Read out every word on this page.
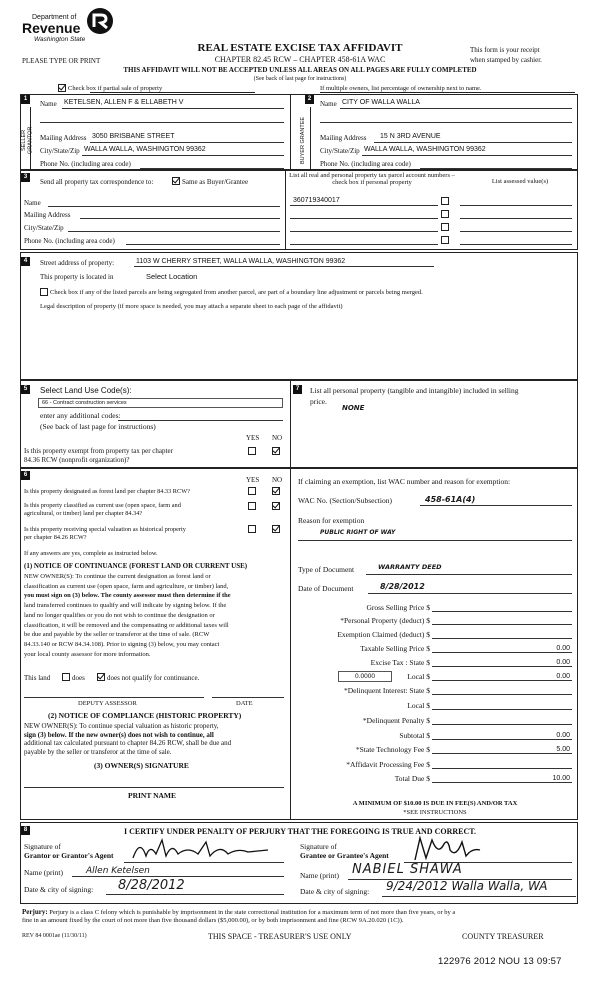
Department of
Revenue
Washington State
PLEASE TYPE OR PRINT
REAL ESTATE EXCISE TAX AFFIDAVIT
CHAPTER 82.45 RCW – CHAPTER 458-61A WAC
THIS AFFIDAVIT WILL NOT BE ACCEPTED UNLESS ALL AREAS ON ALL PAGES ARE FULLY COMPLETED
(See back of last page for instructions)
This form is your receipt
when stamped by cashier.
Check box if partial sale of property	If multiple owners, list percentage of ownership next to name.
1	2
SELLER GRANTOR	BUYER GRANTEE
Name KETELSEN, ALLEN F & ELLABETH V
Mailing Address 3050 BRISBANE STREET
City/State/Zip WALLA WALLA, WASHINGTON 99362
Phone No. (including area code)
Name CITY OF WALLA WALLA
Mailing Address 15 N 3RD AVENUE
City/State/Zip WALLA WALLA, WASHINGTON 99362
Phone No. (including area code)
3
Send all property tax correspondence to:	Same as Buyer/Grantee
Name
Mailing Address
City/State/Zip
Phone No. (including area code)
List all real and personal property tax parcel account numbers – check box if personal property	List assessed value(s)
360719340017
4	Street address of property:	1103 W CHERRY STREET, WALLA WALLA, WASHINGTON 99362
This property is located in	Select Location
Check box if any of the listed parcels are being segregated from another parcel, are part of a boundary line adjustment or parcels being merged.
Legal description of property (if more space is needed, you may attach a separate sheet to each page of the affidavit)
5	Select Land Use Code(s):
66 - Contract construction services
enter any additional codes:
(See back of last page for instructions)
YES NO
Is this property exempt from property tax per chapter
84.36 RCW (nonprofit organization)?
7	List all personal property (tangible and intangible) included in selling
price.
NONE
6
YES NO
Is this property designated as forest land per chapter 84.33 RCW?
Is this property classified as current use (open space, farm and
agricultural, or timber) land per chapter 84.34?
Is this property receiving special valuation as historical property
per chapter 84.26 RCW?
If any answers are yes, complete as instructed below.
(1) NOTICE OF CONTINUANCE (FOREST LAND OR CURRENT USE)
NEW OWNER(S): To continue the current designation as forest land or
classification as current use (open space, farm and agriculture, or timber) land,
you must sign on (3) below. The county assessor must then determine if the
land transferred continues to qualify and will indicate by signing below. If the
land no longer qualifies or you do not wish to continue the designation or
classification, it will be removed and the compensating or additional taxes will
be due and payable by the seller or transferor at the time of sale. (RCW
84.33.140 or RCW 84.34.108). Prior to signing (3) below, you may contact
your local county assessor for more information.
This land	does	does not qualify for continuance.
DEPUTY ASSESSOR	DATE
(2) NOTICE OF COMPLIANCE (HISTORIC PROPERTY)
NEW OWNER(S): To continue special valuation as historic property,
sign (3) below. If the new owner(s) does not wish to continue, all
additional tax calculated pursuant to chapter 84.26 RCW, shall be due and
payable by the seller or transferor at the time of sale.
(3) OWNER(S) SIGNATURE
PRINT NAME
If claiming an exemption, list WAC number and reason for exemption:
WAC No. (Section/Subsection)	458-61A(4)
Reason for exemption
PUBLIC RIGHT OF WAY
Type of Document	WARRANTY DEED
Date of Document	8/28/2012
Gross Selling Price $
*Personal Property (deduct) $
Exemption Claimed (deduct) $
Taxable Selling Price $	0.00
Excise Tax : State $	0.00
0.0000	Local $	0.00
*Delinquent Interest: State $
Local $
*Delinquent Penalty $
Subtotal $	0.00
*State Technology Fee $	5.00
*Affidavit Processing Fee $
Total Due $	10.00
A MINIMUM OF $10.00 IS DUE IN FEE(S) AND/OR TAX
*SEE INSTRUCTIONS
8	I CERTIFY UNDER PENALTY OF PERJURY THAT THE FOREGOING IS TRUE AND CORRECT.
Signature of
Grantor or Grantor's Agent
Name (print)	Allen Ketelsen
Date & city of signing: 8/28/2012
Signature of
Grantee or Grantee's Agent
Name (print) NABIEL SHAWA
Date & city of signing: 9/24/2012 Walla Walla, WA
Perjury: Perjury is a class C felony which is punishable by imprisonment in the state correctional institution for a maximum term of not more than five years, or by a
fine in an amount fixed by the court of not more than five thousand dollars ($5,000.00), or by both imprisonment and fine (RCW 9A.20.020 (1C)).
REV 84 0001ae (11/30/11)	THIS SPACE - TREASURER'S USE ONLY	COUNTY TREASURER
122976 2012 NOU 13 09:57
